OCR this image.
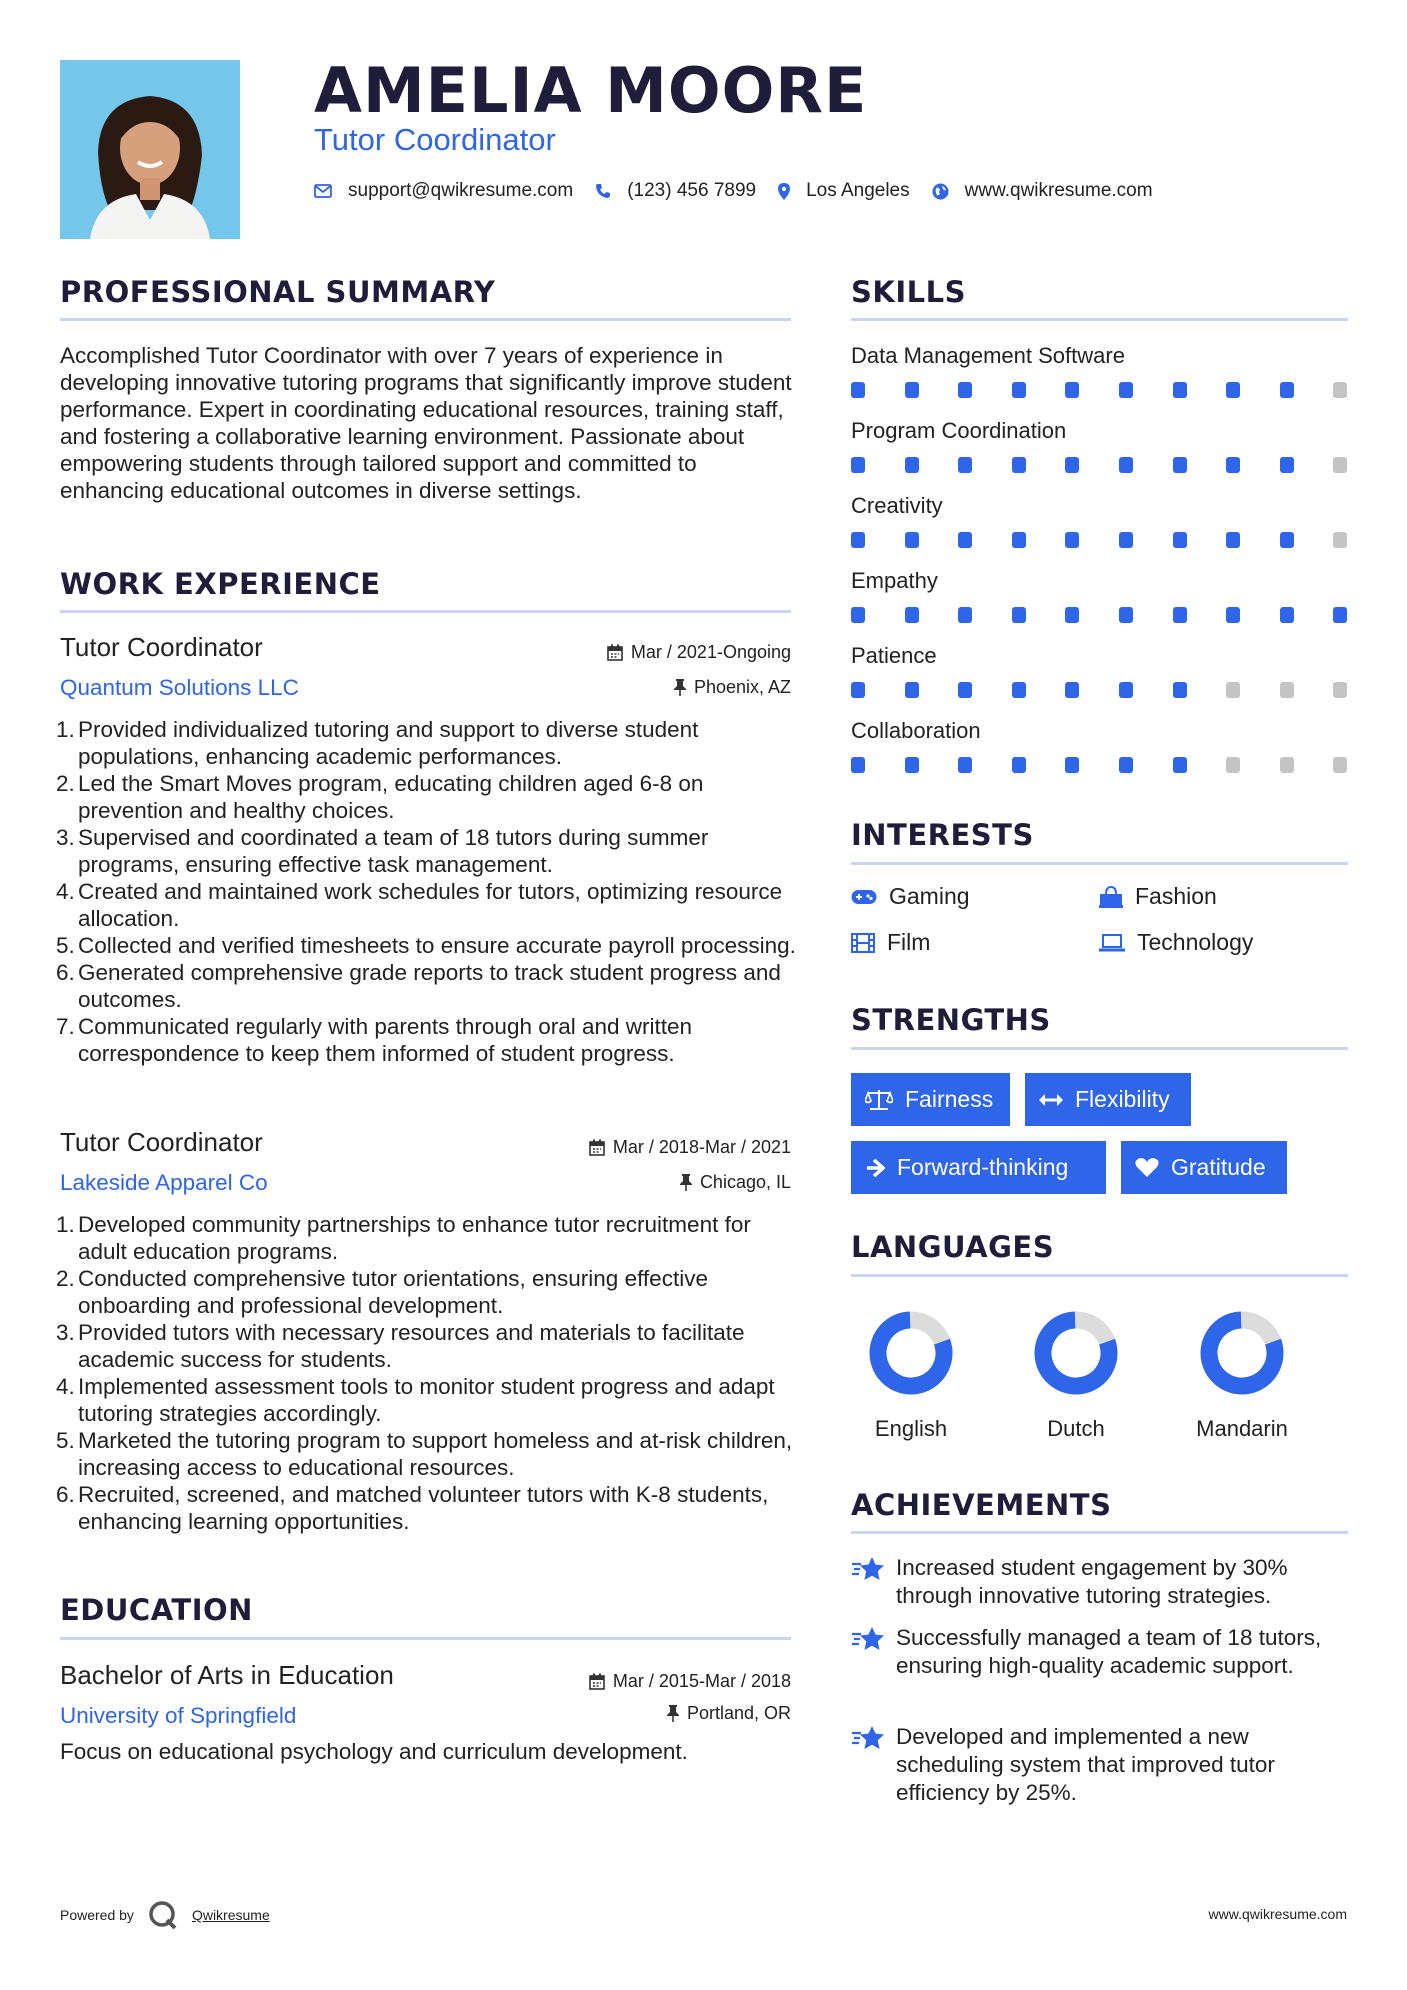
AMELIA MOORE
Tutor Coordinator
support@qwikresume.com	(123) 456 7899	Los Angeles	www.qwikresume.com
PROFESSIONAL SUMMARY
Accomplished Tutor Coordinator with over 7 years of experience in developing innovative tutoring programs that significantly improve student performance. Expert in coordinating educational resources, training staff, and fostering a collaborative learning environment. Passionate about empowering students through tailored support and committed to enhancing educational outcomes in diverse settings.
WORK EXPERIENCE
Tutor Coordinator
Quantum Solutions LLC
Mar / 2021-Ongoing
Phoenix, AZ
1. Provided individualized tutoring and support to diverse student populations, enhancing academic performances.
2. Led the Smart Moves program, educating children aged 6-8 on prevention and healthy choices.
3. Supervised and coordinated a team of 18 tutors during summer programs, ensuring effective task management.
4. Created and maintained work schedules for tutors, optimizing resource allocation.
5. Collected and verified timesheets to ensure accurate payroll processing.
6. Generated comprehensive grade reports to track student progress and outcomes.
7. Communicated regularly with parents through oral and written correspondence to keep them informed of student progress.
Tutor Coordinator
Lakeside Apparel Co
Mar / 2018-Mar / 2021
Chicago, IL
1. Developed community partnerships to enhance tutor recruitment for adult education programs.
2. Conducted comprehensive tutor orientations, ensuring effective onboarding and professional development.
3. Provided tutors with necessary resources and materials to facilitate academic success for students.
4. Implemented assessment tools to monitor student progress and adapt tutoring strategies accordingly.
5. Marketed the tutoring program to support homeless and at-risk children, increasing access to educational resources.
6. Recruited, screened, and matched volunteer tutors with K-8 students, enhancing learning opportunities.
EDUCATION
Bachelor of Arts in Education
University of Springfield
Mar / 2015-Mar / 2018
Portland, OR
Focus on educational psychology and curriculum development.
SKILLS
Data Management Software
Program Coordination
Creativity
Empathy
Patience
Collaboration
INTERESTS
Gaming	Fashion
Film	Technology
STRENGTHS
Fairness	Flexibility
Forward-thinking	Gratitude
LANGUAGES
English	Dutch	Mandarin
ACHIEVEMENTS
Increased student engagement by 30% through innovative tutoring strategies.
Successfully managed a team of 18 tutors, ensuring high-quality academic support.
Developed and implemented a new scheduling system that improved tutor efficiency by 25%.
Powered by	Qwikresume	www.qwikresume.com
